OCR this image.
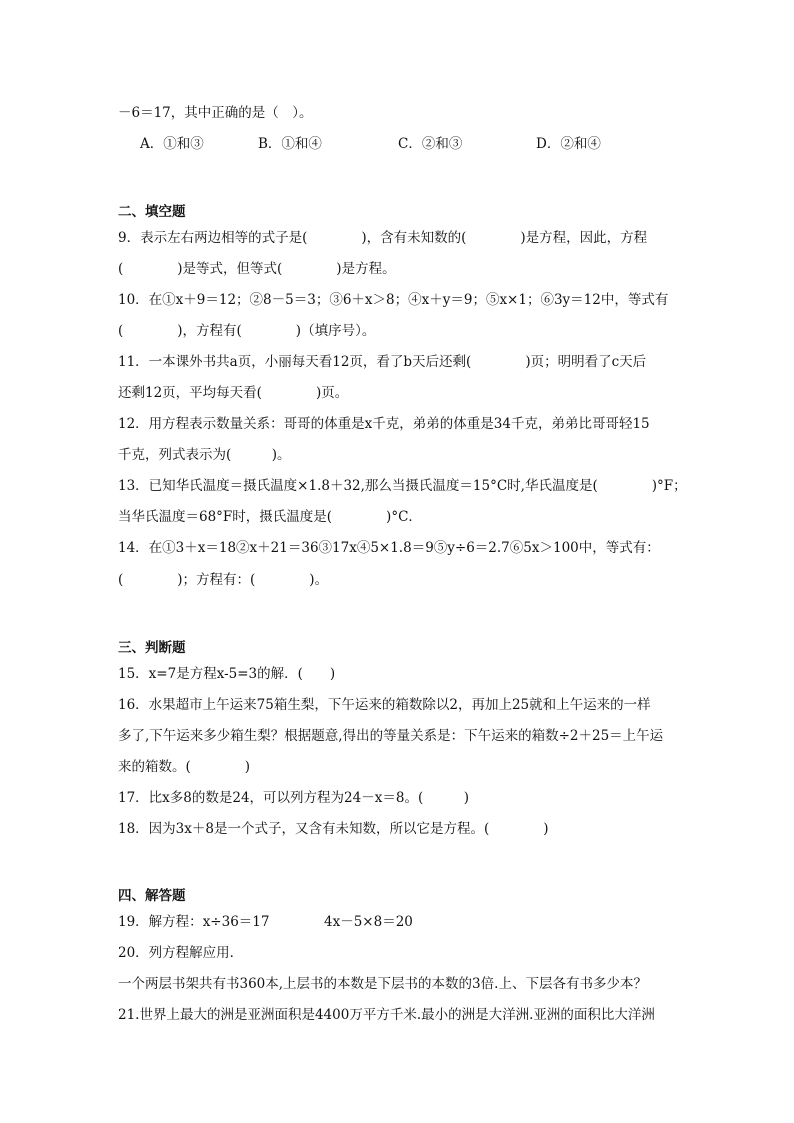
－6＝17，其中正确的是（　）。
A．①和③	B．①和④	C．②和③	D．②和④
二、填空题
9．表示左右两边相等的式子是(　　　　)，含有未知数的(　　　　)是方程，因此，方程
(　　　　)是等式，但等式(　　　　)是方程。
10．在①x＋9＝12；②8－5＝3；③6＋x＞8；④x＋y＝9；⑤x×1；⑥3y＝12中，等式有
(　　　　)，方程有(　　　　)（填序号）。
11．一本课外书共a页，小丽每天看12页，看了b天后还剩(　　　　)页；明明看了c天后
还剩12页，平均每天看(　　　　)页。
12．用方程表示数量关系：哥哥的体重是x千克，弟弟的体重是34千克，弟弟比哥哥轻15
千克，列式表示为(　　　)。
13．已知华氏温度＝摄氏温度×1.8＋32,那么当摄氏温度＝15°C时,华氏温度是(　　　　)°F；
当华氏温度＝68°F时，摄氏温度是(　　　　)°C．
14．在①3＋x＝18②x＋21＝36③17x④5×1.8＝9⑤y÷6＝2.7⑥5x＞100中，等式有：
(　　　　)；方程有：(　　　　)。
三、判断题
15．x=7是方程x-5=3的解．(　　)
16．水果超市上午运来75箱生梨，下午运来的箱数除以2，再加上25就和上午运来的一样
多了,下午运来多少箱生梨？根据题意,得出的等量关系是：下午运来的箱数÷2＋25＝上午运
来的箱数。(　　　　)
17．比x多8的数是24，可以列方程为24－x＝8。(　　　)
18．因为3x＋8是一个式子，又含有未知数，所以它是方程。(　　　　)
四、解答题
19．解方程：x÷36＝17	4x－5×8＝20
20．列方程解应用．
一个两层书架共有书360本,上层书的本数是下层书的本数的3倍.上、下层各有书多少本？
21.世界上最大的洲是亚洲面积是4400万平方千米.最小的洲是大洋洲.亚洲的面积比大洋洲
